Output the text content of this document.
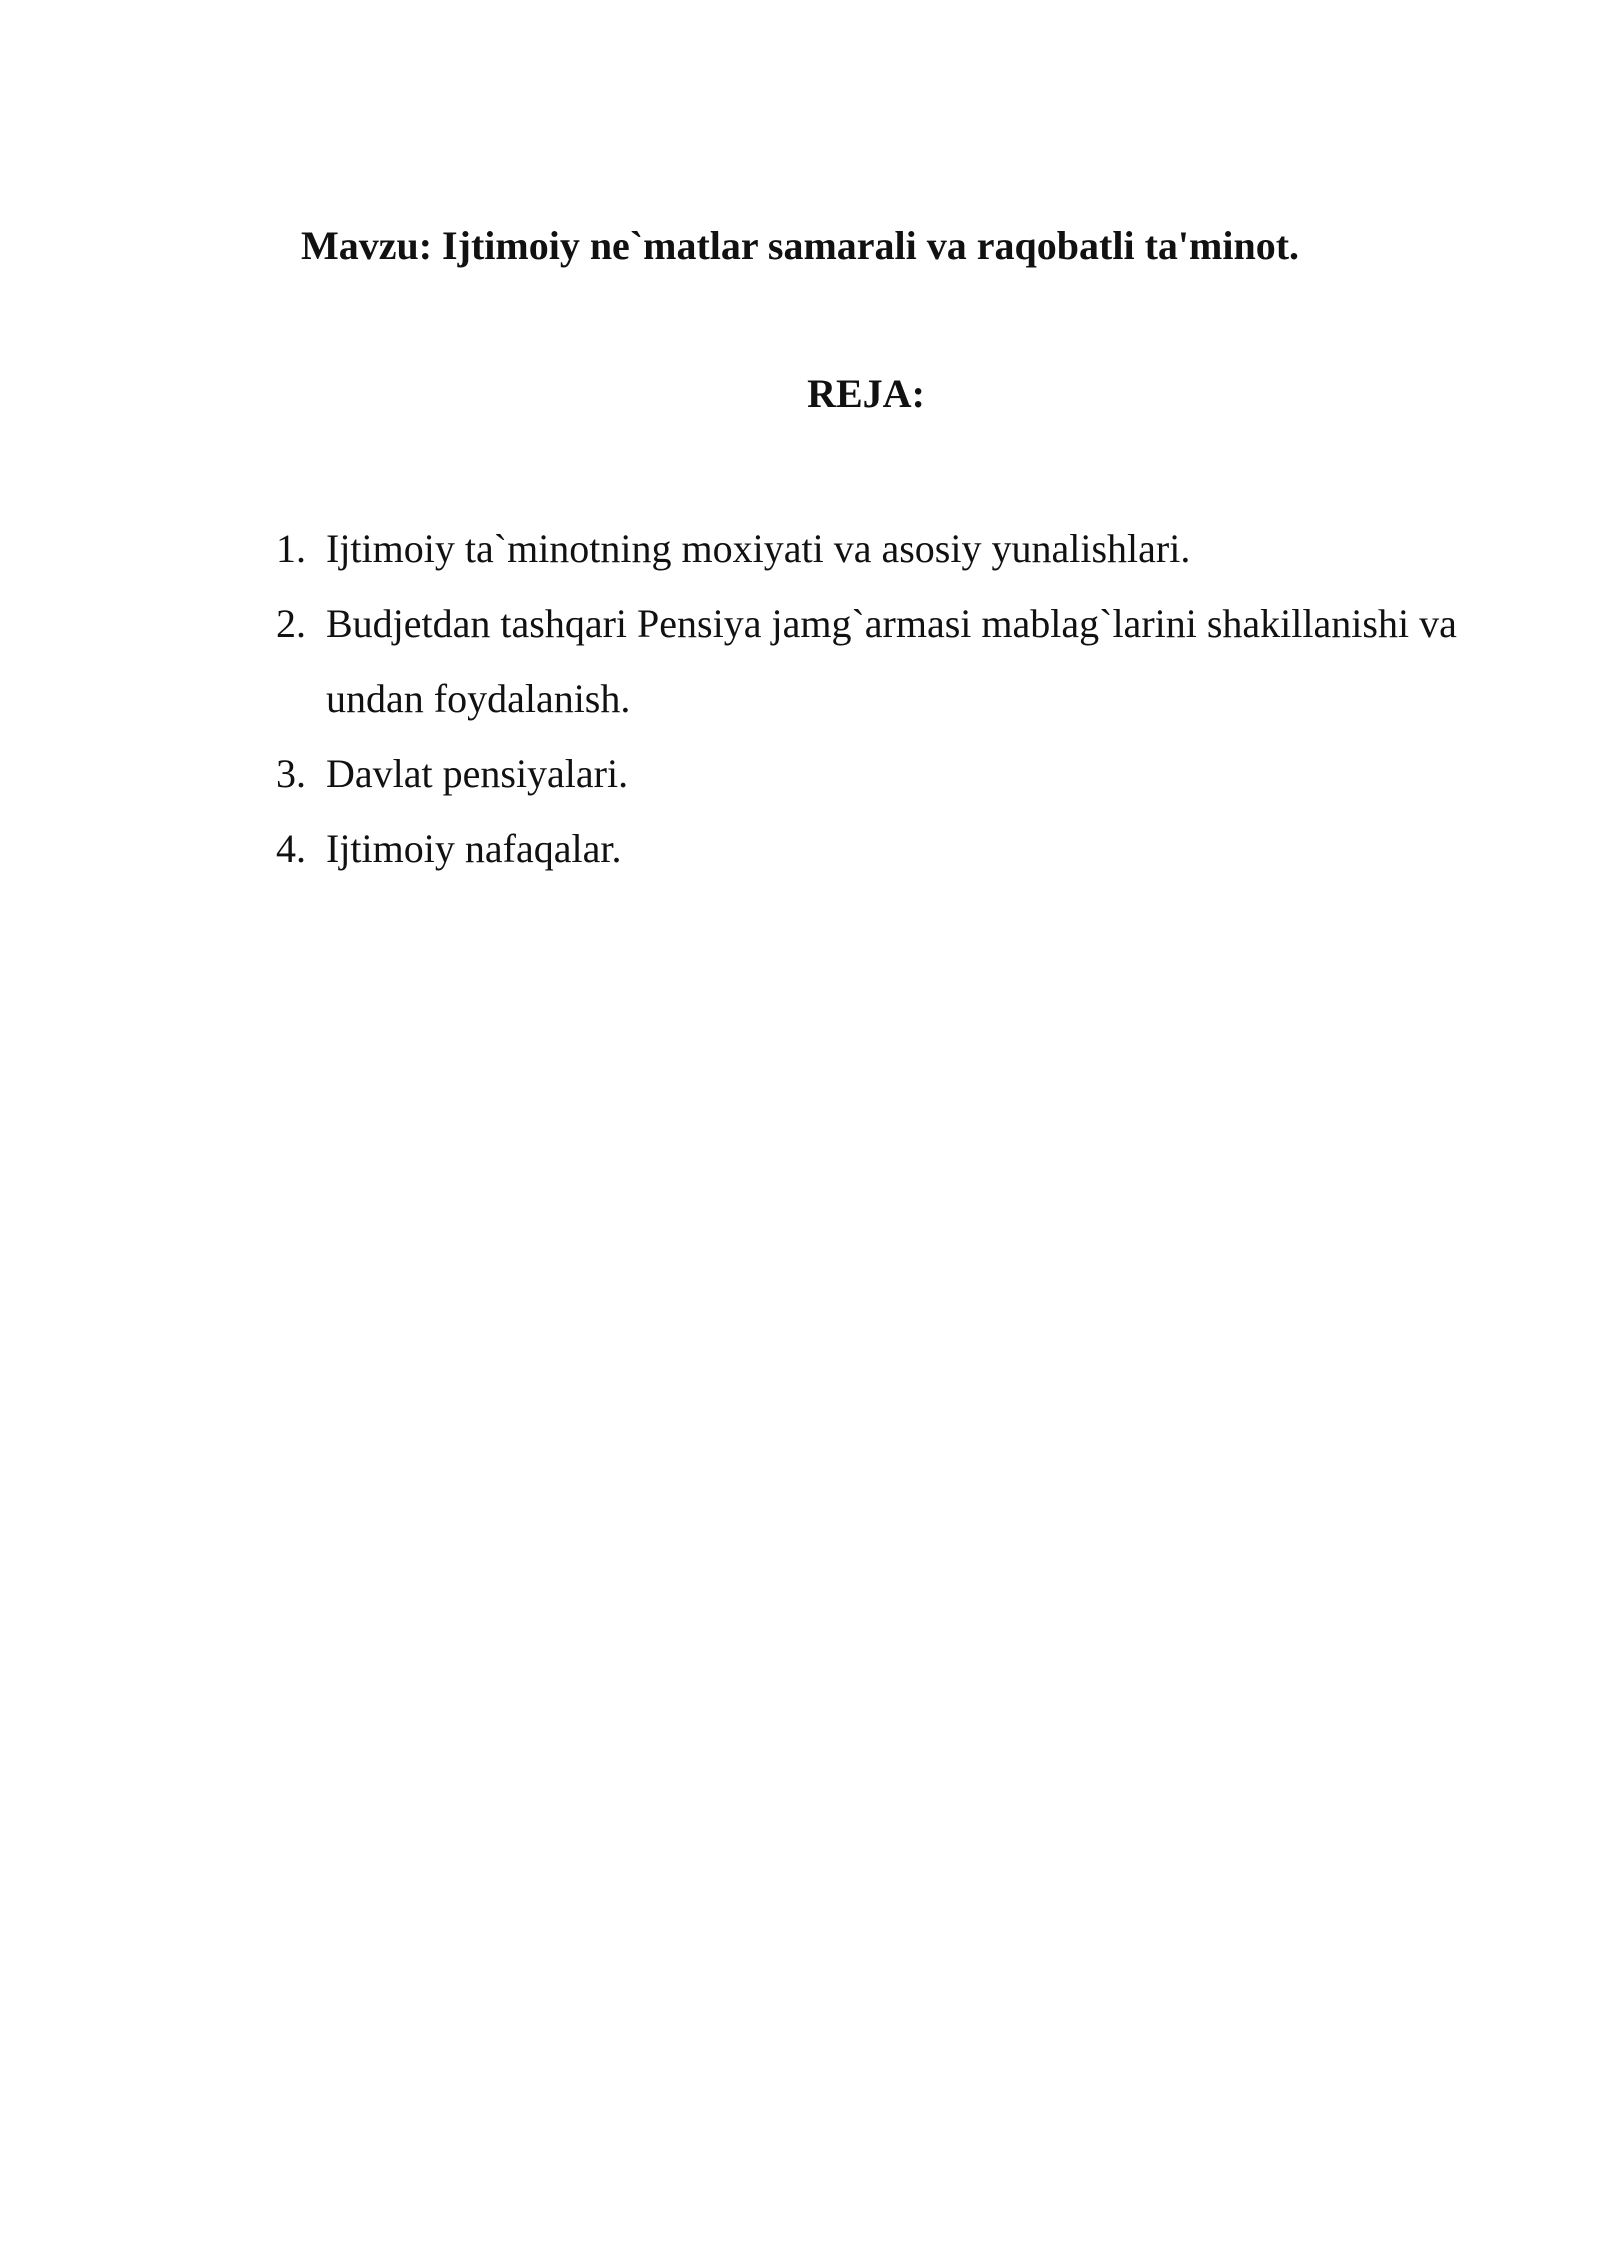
Mavzu: Ijtimoiy ne`matlar samarali va raqobatli ta'minot.
REJA:
1. Ijtimoiy ta`minotning moxiyati va asosiy yunalishlari.
2. Budjetdan tashqari Pensiya jamg`armasi mablag`larini shakillanishi va undan foydalanish.
3. Davlat pensiyalari.
4. Ijtimoiy nafaqalar.
